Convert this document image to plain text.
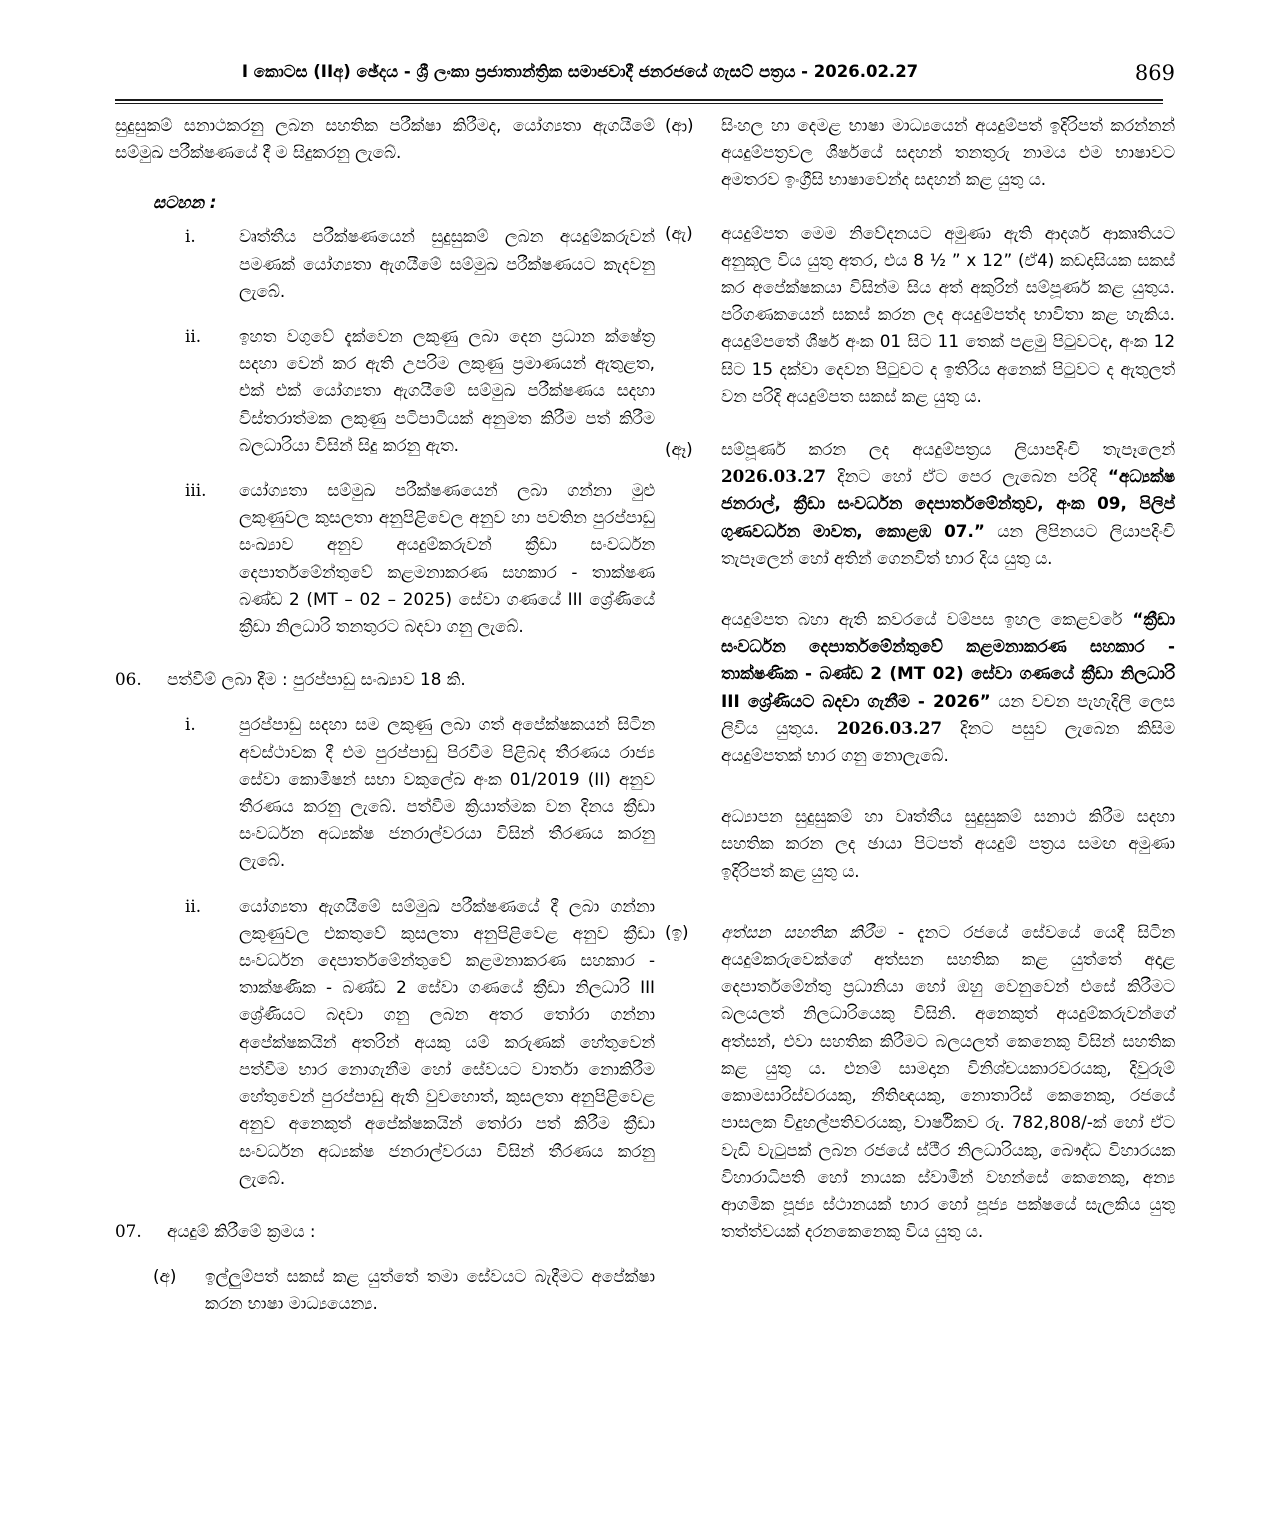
I කොටස (IIඅ) ඡේදය - ශ්‍රී ලංකා ප්‍රජාතාන්ත්‍රික සමාජවාදී ජනරජයේ ගැසට් පත්‍රය - 2026.02.27	869
සුදුසුකම් සනාථකරනු ලබන සහතික පරීක්ෂා කිරීමද, යෝග්‍යතා ඇගයීමේ සම්මුඛ පරීක්ෂණයේ දී ම සිදුකරනු ලැබේ.
සටහන :
i.	වෘත්තීය පරීක්ෂණයෙන් සුදුසුකම් ලබන අයදුම්කරුවන් පමණක් යෝග්‍යතා ඇගයීමේ සම්මුඛ පරීක්ෂණයට කැදවනු ලැබේ.
ii.	ඉහත වගුවේ දැක්වෙන ලකුණු ලබා දෙන ප්‍රධාන ක්ෂේත්‍ර සදහා වෙන් කර ඇති උපරිම ලකුණු ප්‍රමාණයන් ඇතුළත, එක් එක් යෝග්‍යතා ඇගයීමේ සම්මුඛ පරීක්ෂණය සදහා විස්තරාත්මක ලකුණු පටිපාටියක් අනුමත කිරීම පත් කිරීම බලධාරියා විසින් සිදු කරනු ඇත.
iii.	යෝග්‍යතා සම්මුඛ පරීක්ෂණයෙන් ලබා ගන්නා මුළු ලකුණුවල කුසලතා අනුපිළිවෙල අනුව හා පවතින පුරප්පාඩු සංඛ්‍යාව අනුව අයදුම්කරුවන් ක්‍රීඩා සංවර්ධන දෙපාර්තමේන්තුවේ කළමනාකරණ සහකාර - තාක්ෂණ බණ්ඩ 2 (MT – 02 – 2025) සේවා ගණයේ III ශ්‍රේණියේ ක්‍රීඩා නිලධාරි තනතුරට බදවා ගනු ලැබේ.
06.	පත්වීම් ලබා දීම : පුරප්පාඩු සංඛ්‍යාව 18 කි.
i.	පුරප්පාඩු සදහා සම ලකුණු ලබා ගත් අපේක්ෂකයන් සිටින අවස්ථාවක දී එම පුරප්පාඩු පිරවීම පිළිබද තීරණය රාජ්‍ය සේවා කොමිෂන් සභා වකුලේඛ අංක 01/2019 (II) අනුව තීරණය කරනු ලැබේ. පත්වීම ක්‍රියාත්මක වන දිනය ක්‍රීඩා සංවර්ධන අධ්‍යක්ෂ ජනරාල්වරයා විසින් තීරණය කරනු ලැබේ.
ii.	යෝග්‍යතා ඇගයීමේ සම්මුඛ පරීක්ෂණයේ දී ලබා ගන්නා ලකුණුවල එකතුවේ කුසලතා අනුපිළිවෙළ අනුව ක්‍රීඩා සංවර්ධන දෙපාර්තමේන්තුවේ කළමනාකරණ සහකාර - තාක්ෂණික - බණ්ඩ 2 සේවා ගණයේ ක්‍රීඩා නිලධාරි III ශ්‍රේණියට බදවා ගනු ලබන අතර තෝරා ගන්නා අපේක්ෂකයින් අතරින් අයකු යම් කරුණක් හේතුවෙන් පත්වීම භාර නොගැනීම හෝ සේවයට වාර්තා නොකිරීම හේතුවෙන් පුරප්පාඩු ඇති වුවහොත්, කුසලතා අනුපිළිවෙළ අනුව අනෙකුත් අපේක්ෂකයින් තෝරා පත් කිරීම ක්‍රීඩා සංවර්ධන අධ්‍යක්ෂ ජනරාල්වරයා විසින් තීරණය කරනු ලැබේ.
07.	අයදුම් කිරීමේ ක්‍රමය :
(අ)	ඉල්ලුම්පත් සකස් කළ යුත්තේ තමා සේවයට බැදීමට අපේක්ෂා කරන භාෂා මාධ්‍යයෙන්‍ය.
(ආ)	සිංහල හා දෙමළ භාෂා මාධ්‍යයෙන් අයදුම්පත් ඉදිරිපත් කරන්නන් අයදුම්පත්‍රවල ශීර්ෂයේ සදහන් තනතුරු නාමය එම භාෂාවට අමතරව ඉංග්‍රීසි භාෂාවෙන්ද සදහන් කළ යුතු ය.
(ඇ)	අයදුම්පත මෙම නිවේදනයට අමුණා ඇති ආදර්ශ ආකෘතියට අනුකූල විය යුතු අතර, එය 8 ½ ” x 12” (ඒ4) කඩදාසියක සකස් කර අපේක්ෂකයා විසින්ම සිය අත් අකුරින් සම්පූර්ණ කළ යුතුය. පරිගණකයෙන් සකස් කරන ලද අයදුම්පත්ද භාවිතා කළ හැකිය. අයදුම්පතේ ශීර්ෂ අංක 01 සිට 11 තෙක් පළමු පිටුවටද, අංක 12 සිට 15 දක්වා දෙවන පිටුවට ද ඉතිරිය අනෙක් පිටුවට ද ඇතුලත් වන පරිදි අයදුම්පත සකස් කළ යුතු ය.
(ඈ)	සම්පූර්ණ කරන ලද අයදුම්පත්‍රය ලියාපදිංචි තැපෑලෙන් 2026.03.27 දිනට හෝ ඒ‍ට පෙර ලැබෙන පරිදි “අධ්‍යක්ෂ ජනරාල්, ක්‍රීඩා සංවර්ධන දෙපාර්තමේන්තුව, අංක 09, පිලිප් ගුණවර්ධන මාවත, කොළඹ 07.” යන ලිපිනයට ලියාපදිංචි තැපෑලෙන් හෝ අතින් ගෙනවිත් භාර දිය යුතු ය.
අයදුම්පත බහා ඇති කවරයේ වම්පස ඉහල කෙළවරේ “ක්‍රීඩා සංවර්ධන දෙපාර්තමේන්තුවේ කළමනාකරණ සහකාර - තාක්ෂණික - බණ්ඩ 2 (MT 02) සේවා ගණයේ ක්‍රීඩා නිලධාරි III ශ්‍රේණියට බදවා ගැනීම - 2026” යන වචන පැහැදිලි ලෙස ලිවිය යුතුය. 2026.03.27 දිනට පසුව ලැබෙන කිසිම අයදුම්පතක් භාර ගනු නොලැබේ.
අධ්‍යාපන සුදුසුකම් හා වෘත්තීය සුදුසුකම් සනාථ කිරීම සදහා සහතික කරන ලද ඡායා පිටපත් අයදුම් පත්‍රය සමඟ අමුණා ඉදිරිපත් කළ යුතු ය.
(ඉ)	අත්සන සහතික කිරීම - දැනට රජයේ සේවයේ යෙදී සිටින අයදුම්කරුවෙක්ගේ අත්සන සහතික කළ යුත්තේ අදාළ දෙපාර්තමේන්තු ප්‍රධානියා හෝ ඔහු වෙනුවෙන් එසේ කිරීමට බලයලත් නිලධාරියෙකු විසිනි. අනෙකුත් අයදුම්කරුවන්ගේ අත්සන්, එවා සහතික කිරීමට බලයලත් කෙනෙකු විසින් සහතික කළ යුතු ය. එනම් සාමදාන විනිශ්චයකාරවරයකු, දිවුරුම් කොමසාරිස්වරයකු, නීතිඥයකු, නොතාරිස් කෙනෙකු, රජයේ පාසලක විදුහල්පතිවරයකු, වාර්ෂිකව රු. 782,808/-ක් හෝ ඒ‍ට වැඩි වැටුපක් ලබන රජයේ ස්ථීර නිලධාරියකු, බෞද්ධ විහාරයක විහාරාධිපති හෝ නායක ස්වාමීන් වහන්සේ කෙනෙකු, අන්‍ය ආගමික පූජ්‍ය ස්ථානයක් භාර හෝ පූජ්‍ය පක්ෂයේ සැලකිය යුතු තත්ත්වයක් දරනකෙනෙකු විය යුතු ය.
